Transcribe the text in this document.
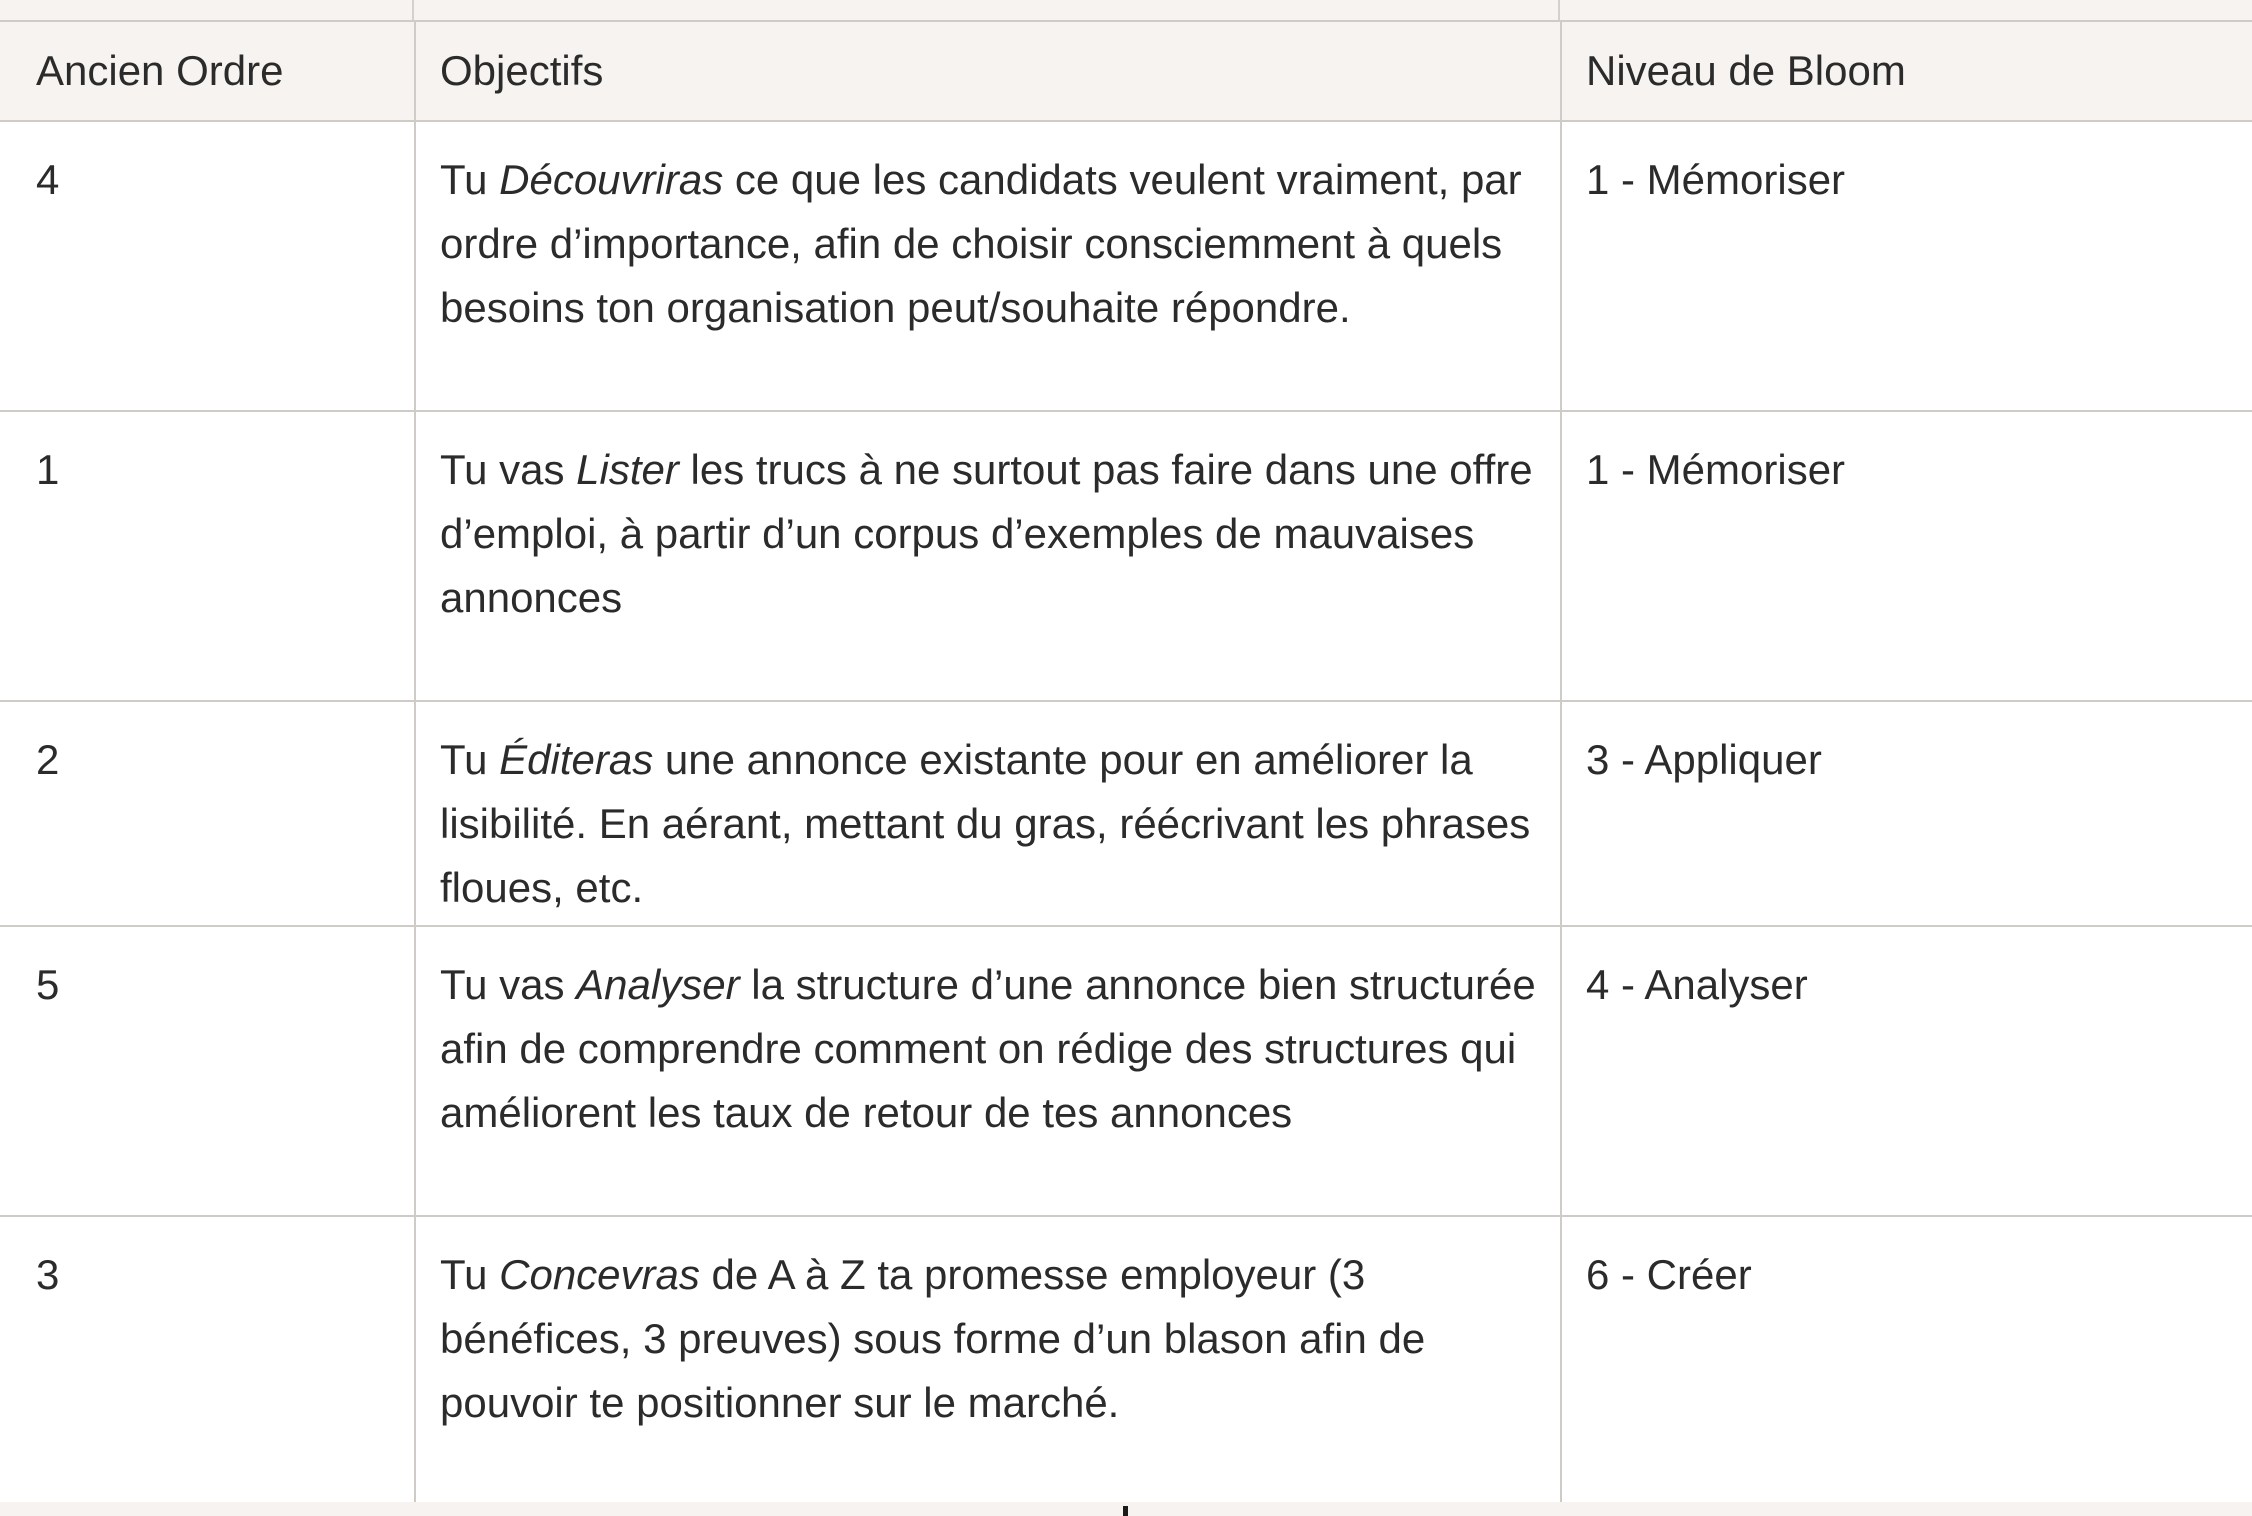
Ancien Ordre	Objectifs	Niveau de Bloom
4	Tu Découvriras ce que les candidats veulent vraiment, par ordre d’importance, afin de choisir consciemment à quels besoins ton organisation peut/souhaite répondre.	1 - Mémoriser
1	Tu vas Lister les trucs à ne surtout pas faire dans une offre d’emploi, à partir d’un corpus d’exemples de mauvaises annonces	1 - Mémoriser
2	Tu Éditeras une annonce existante pour en améliorer la lisibilité. En aérant, mettant du gras, réécrivant les phrases floues, etc.	3 - Appliquer
5	Tu vas Analyser la structure d’une annonce bien structurée afin de comprendre comment on rédige des structures qui améliorent les taux de retour de tes annonces	4 - Analyser
3	Tu Concevras de A à Z ta promesse employeur (3 bénéfices, 3 preuves) sous forme d’un blason afin de pouvoir te positionner sur le marché.	6 - Créer
